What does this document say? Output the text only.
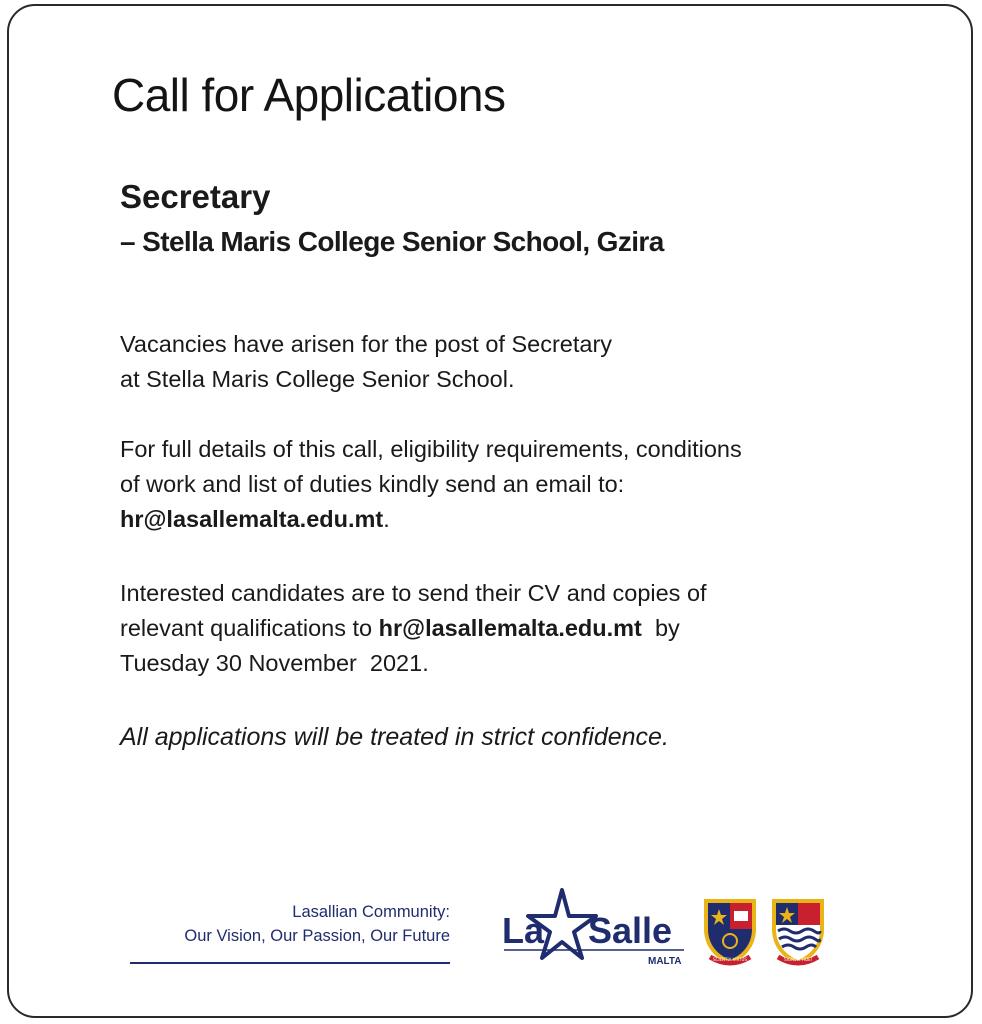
Call for Applications
Secretary
– Stella Maris College Senior School, Gzira

Vacancies have arisen for the post of Secretary
at Stella Maris College Senior School.

For full details of this call, eligibility requirements, conditions
of work and list of duties kindly send an email to:
hr@lasallemalta.edu.mt.

Interested candidates are to send their CV and copies of
relevant qualifications to hr@lasallemalta.edu.mt  by
Tuesday 30 November  2021.

All applications will be treated in strict confidence.

Lasallian Community:
Our Vision, Our Passion, Our Future La Salle
MALTA	SCIENTIA VIRTUS	SIGNUM FIDEI
